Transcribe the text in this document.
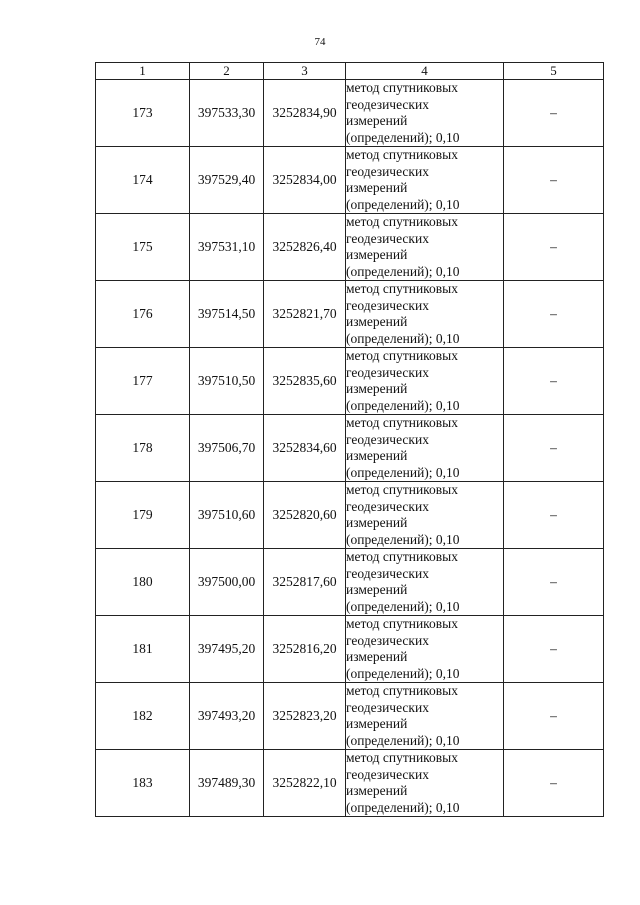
74
1	2	3	4	5
173	397533,30	3252834,90	метод спутниковых
геодезических
измерений
(определений); 0,10	–
174	397529,40	3252834,00	метод спутниковых
геодезических
измерений
(определений); 0,10	–
175	397531,10	3252826,40	метод спутниковых
геодезических
измерений
(определений); 0,10	–
176	397514,50	3252821,70	метод спутниковых
геодезических
измерений
(определений); 0,10	–
177	397510,50	3252835,60	метод спутниковых
геодезических
измерений
(определений); 0,10	–
178	397506,70	3252834,60	метод спутниковых
геодезических
измерений
(определений); 0,10	–
179	397510,60	3252820,60	метод спутниковых
геодезических
измерений
(определений); 0,10	–
180	397500,00	3252817,60	метод спутниковых
геодезических
измерений
(определений); 0,10	–
181	397495,20	3252816,20	метод спутниковых
геодезических
измерений
(определений); 0,10	–
182	397493,20	3252823,20	метод спутниковых
геодезических
измерений
(определений); 0,10	–
183	397489,30	3252822,10	метод спутниковых
геодезических
измерений
(определений); 0,10	–
